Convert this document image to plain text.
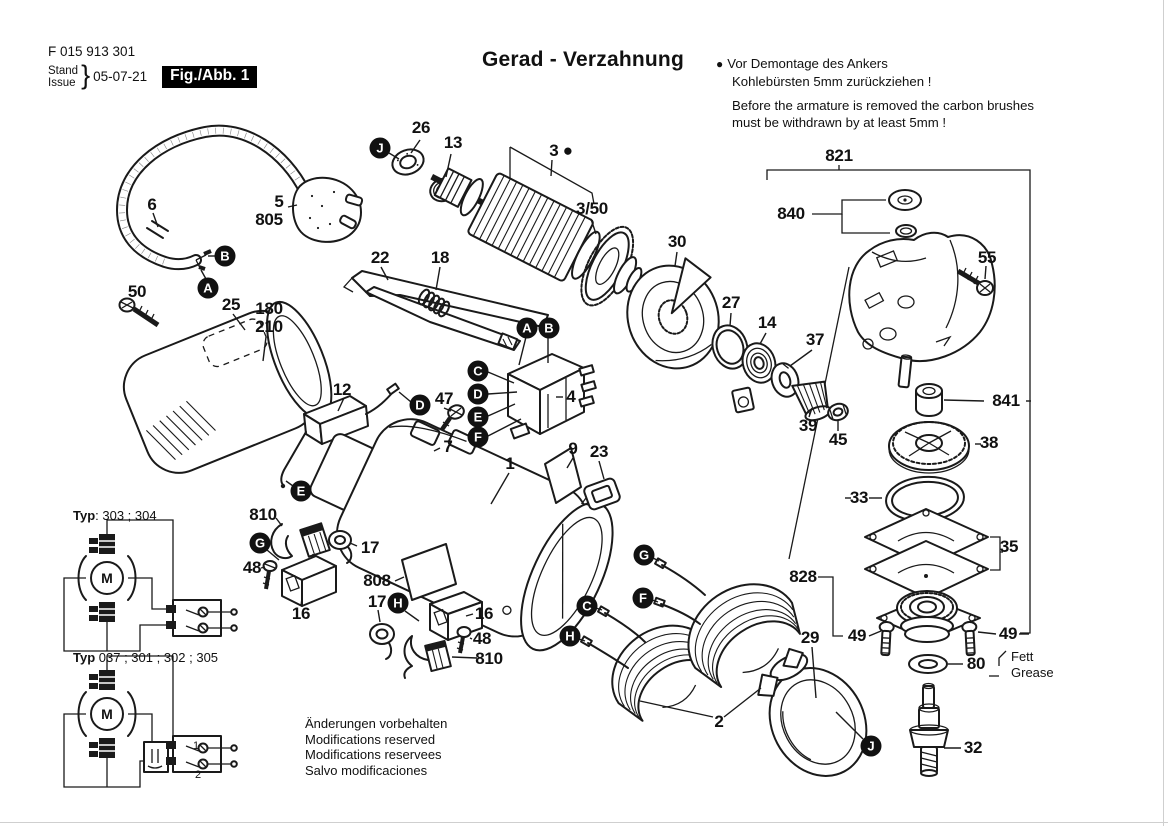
M
M
1
2
F 015 913 301
Stand
Issue } 05-07-21	Fig./Abb. 1
Gerad - Verzahnung	● Vor Demontage des Ankers
Kohlebürsten 5mm zurückziehen !
Before the armature is removed the carbon brushes
must be withdrawn by at least 5mm !
Typ: 303 ; 304
Typ 037 ; 301 ; 302 ; 305
Änderungen vorbehalten
Modifications reserved
Modifications reservees
Salvo modificaciones
Fett
Grease
26
13	3 ●
3/50
30
821
840
55
27
14
37
39
45
841
38
33
35
828
49	49
80
32
29
2
9 23
1
22 18
4
47
7
12
6	5
805
50
25 180
210
810
17
48
16
808
17
16
48
810
J
B
A
A B
C
D
E
F
D
E
G
H
G
F
C
H
J
